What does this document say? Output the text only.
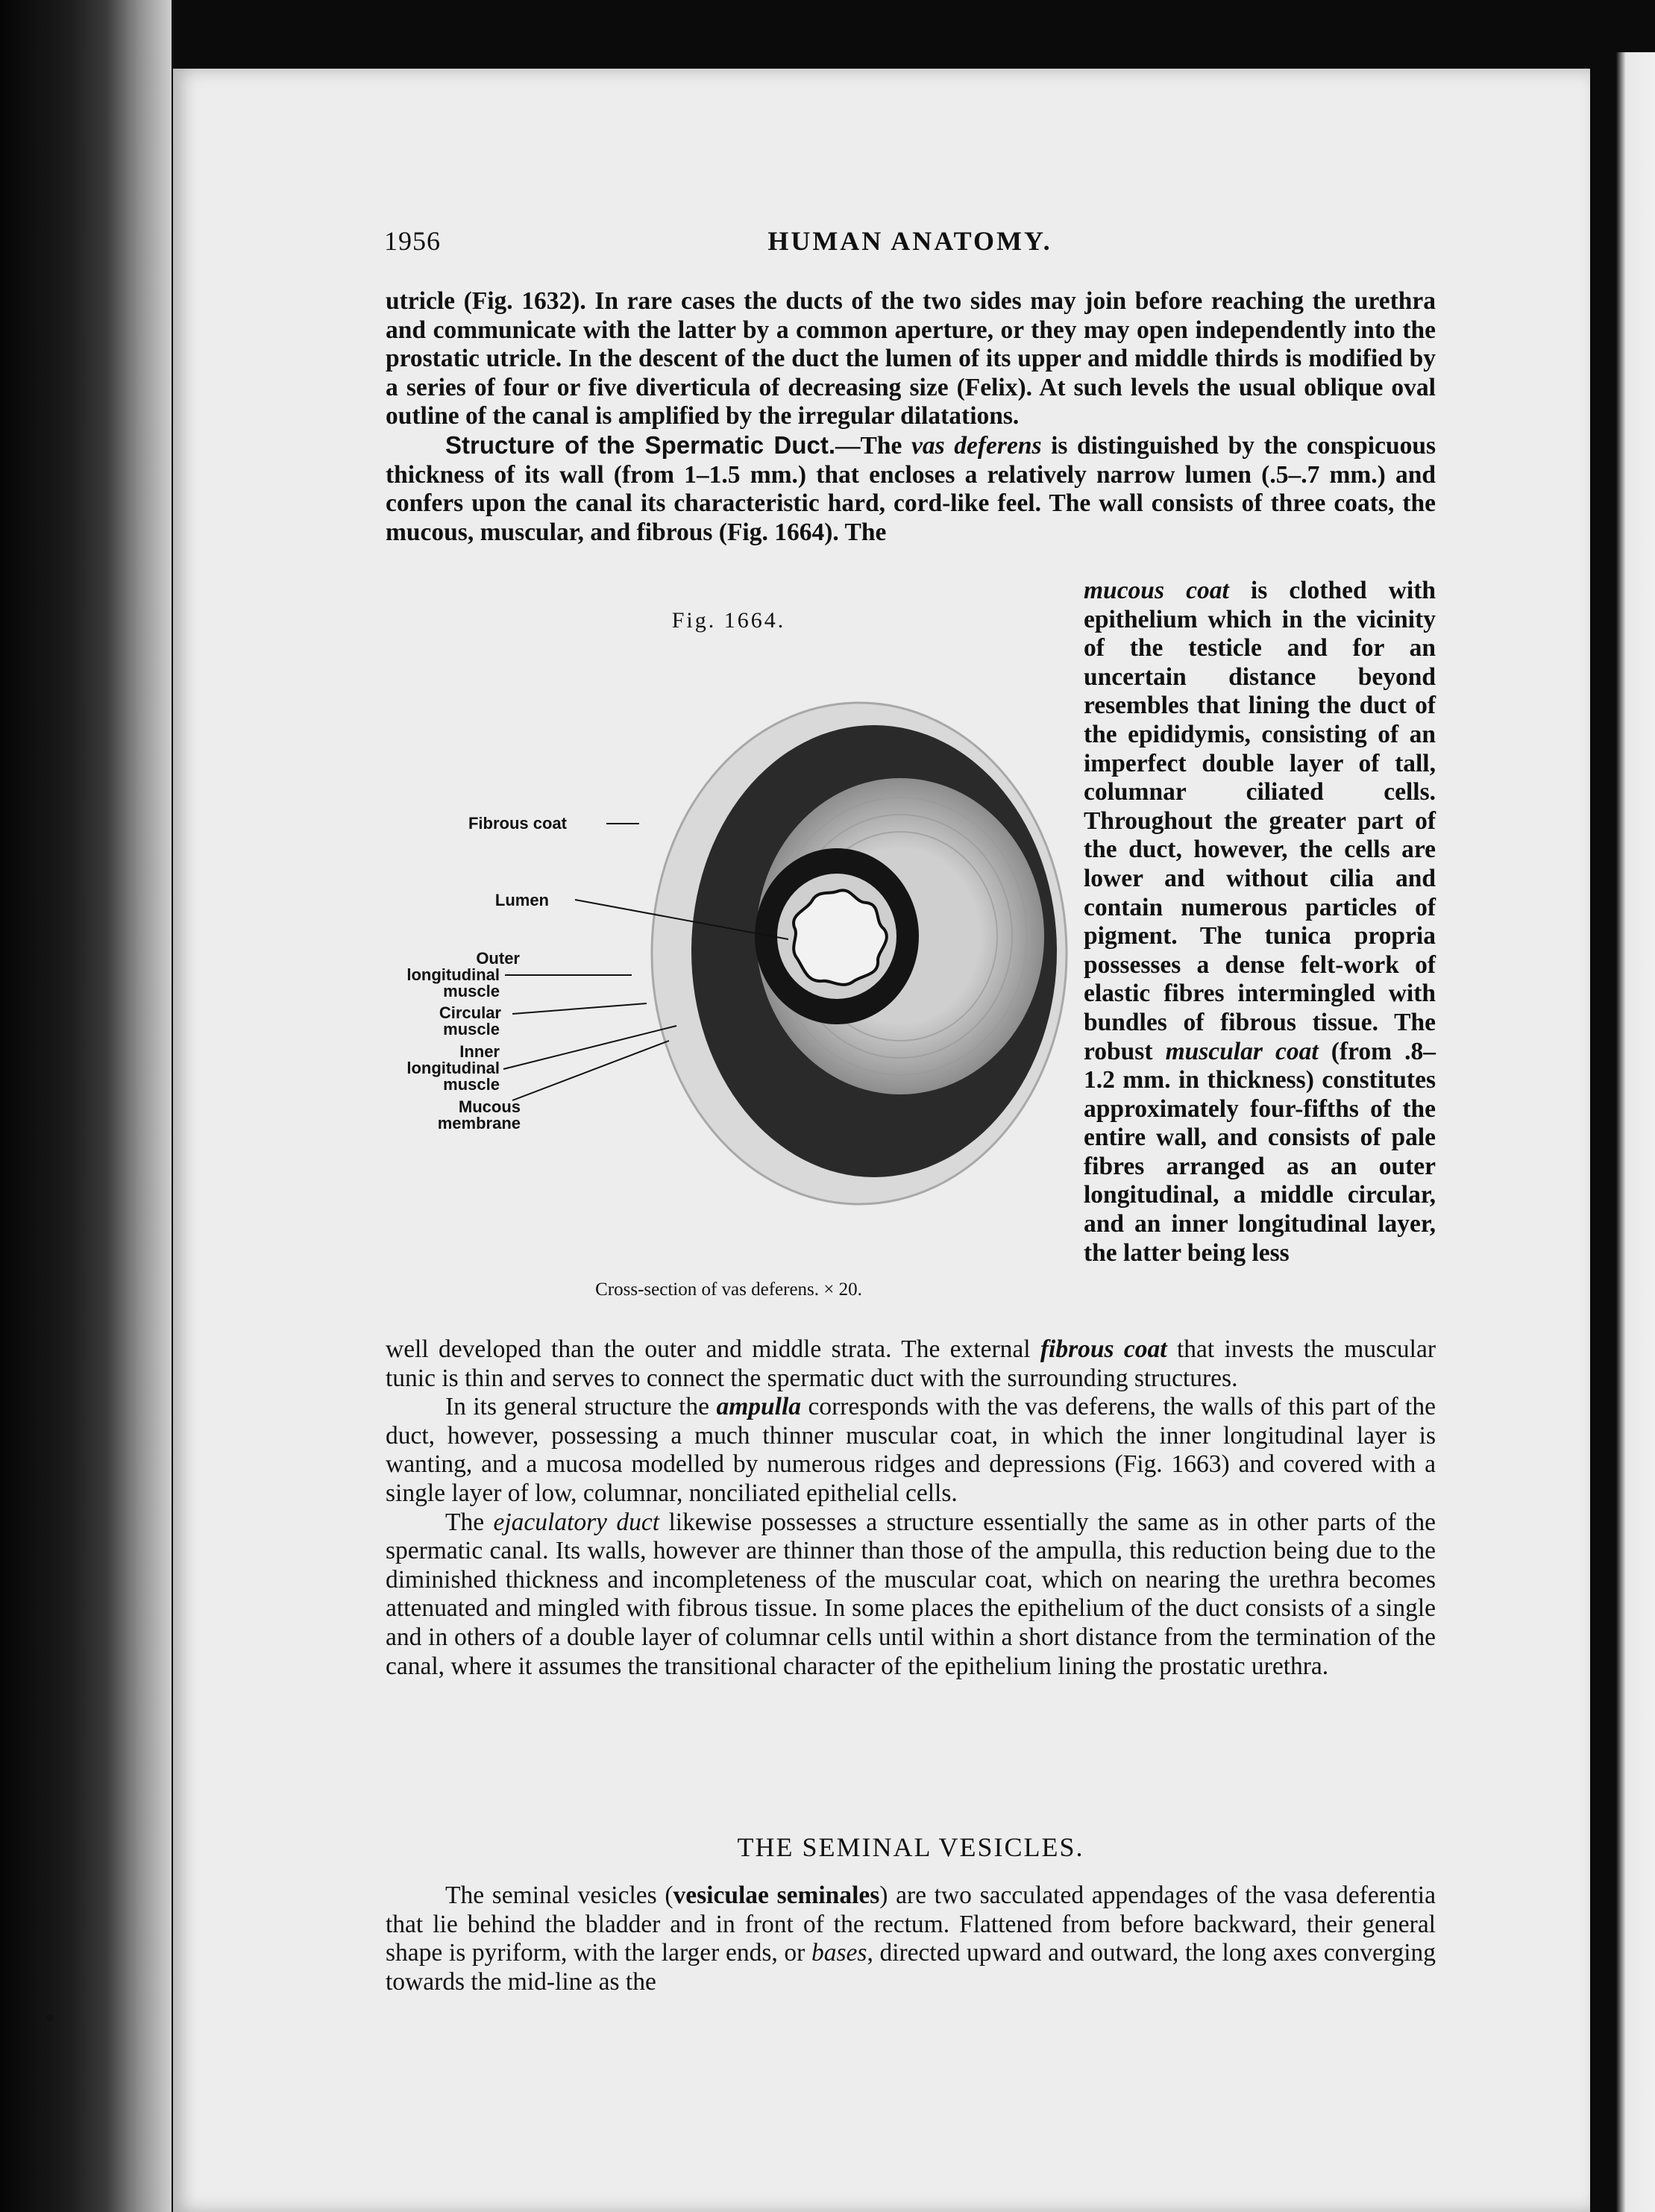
1956	HUMAN ANATOMY.

utricle (Fig. 1632). In rare cases the ducts of the two sides may join before reaching the urethra and communicate with the latter by a common aperture, or they may open independently into the prostatic utricle. In the descent of the duct the lumen of its upper and middle thirds is modified by a series of four or five diverticula of decreasing size (Felix). At such levels the usual oblique oval outline of the canal is amplified by the irregular dilatations.

Structure of the Spermatic Duct.—The vas deferens is distinguished by the conspicuous thickness of its wall (from 1–1.5 mm.) that encloses a relatively narrow lumen (.5–.7 mm.) and confers upon the canal its characteristic hard, cord-like feel. The wall consists of three coats, the mucous, muscular, and fibrous (Fig. 1664). The

Fig. 1664.
Fibrous coat
Lumen
Outer
longitudinal
muscle
Circular
muscle
Inner
longitudinal
muscle
Mucous
membrane
Cross-section of vas deferens. × 20.

mucous coat is clothed with epithelium which in the vicinity of the testicle and for an uncertain distance beyond resembles that lining the duct of the epididymis, consisting of an imperfect double layer of tall, columnar ciliated cells. Throughout the greater part of the duct, however, the cells are lower and without cilia and contain numerous particles of pigment. The tunica propria possesses a dense felt-work of elastic fibres intermingled with bundles of fibrous tissue. The robust muscular coat (from .8–1.2 mm. in thickness) constitutes approximately four-fifths of the entire wall, and consists of pale fibres arranged as an outer longitudinal, a middle circular, and an inner longitudinal layer, the latter being less

well developed than the outer and middle strata. The external fibrous coat that invests the muscular tunic is thin and serves to connect the spermatic duct with the surrounding structures.

In its general structure the ampulla corresponds with the vas deferens, the walls of this part of the duct, however, possessing a much thinner muscular coat, in which the inner longitudinal layer is wanting, and a mucosa modelled by numerous ridges and depressions (Fig. 1663) and covered with a single layer of low, columnar, nonciliated epithelial cells.

The ejaculatory duct likewise possesses a structure essentially the same as in other parts of the spermatic canal. Its walls, however are thinner than those of the ampulla, this reduction being due to the diminished thickness and incompleteness of the muscular coat, which on nearing the urethra becomes attenuated and mingled with fibrous tissue. In some places the epithelium of the duct consists of a single and in others of a double layer of columnar cells until within a short distance from the termination of the canal, where it assumes the transitional character of the epithelium lining the prostatic urethra.

THE SEMINAL VESICLES.

The seminal vesicles (vesiculae seminales) are two sacculated appendages of the vasa deferentia that lie behind the bladder and in front of the rectum. Flattened from before backward, their general shape is pyriform, with the larger ends, or bases, directed upward and outward, the long axes converging towards the mid-line as the
